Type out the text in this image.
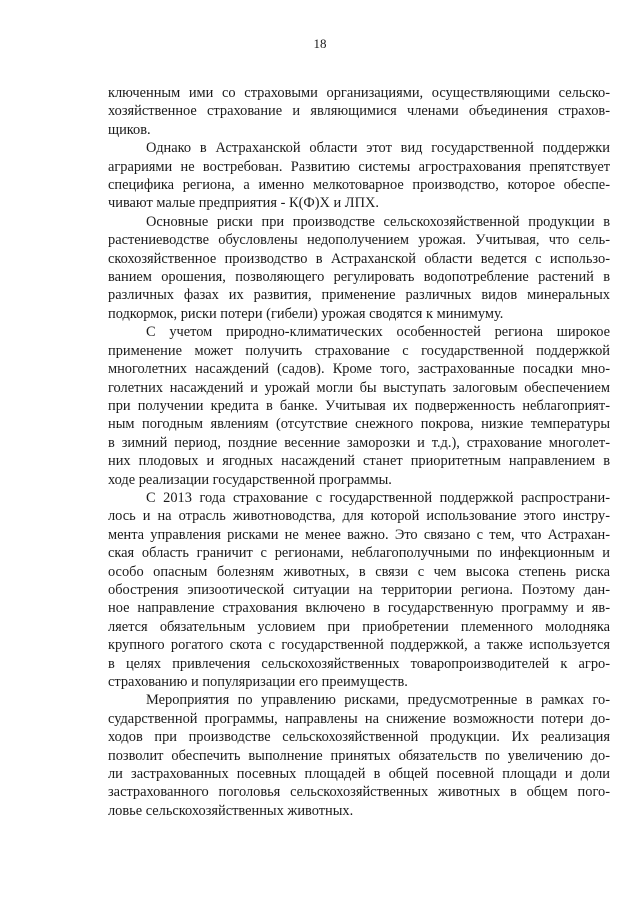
18

ключенным ими со страховыми организациями, осуществляющими сельско-
хозяйственное страхование и являющимися членами объединения страхов-
щиков.

Однако в Астраханской области этот вид государственной поддержки
аграриями не востребован. Развитию системы агрострахования препятствует
специфика региона, а именно мелкотоварное производство, которое обеспе-
чивают малые предприятия - К(Ф)Х и ЛПХ.

Основные риски при производстве сельскохозяйственной продукции в
растениеводстве обусловлены недополучением урожая. Учитывая, что сель-
скохозяйственное производство в Астраханской области ведется с использо-
ванием орошения, позволяющего регулировать водопотребление растений в
различных фазах их развития, применение различных видов минеральных
подкормок, риски потери (гибели) урожая сводятся к минимуму.

С учетом природно-климатических особенностей региона широкое
применение может получить страхование с государственной поддержкой
многолетних насаждений (садов). Кроме того, застрахованные посадки мно-
голетних насаждений и урожай могли бы выступать залоговым обеспечением
при получении кредита в банке. Учитывая их подверженность неблагоприят-
ным погодным явлениям (отсутствие снежного покрова, низкие температуры
в зимний период, поздние весенние заморозки и т.д.), страхование многолет-
них плодовых и ягодных насаждений станет приоритетным направлением в
ходе реализации государственной программы.

С 2013 года страхование с государственной поддержкой распространи-
лось и на отрасль животноводства, для которой использование этого инстру-
мента управления рисками не менее важно. Это связано с тем, что Астрахан-
ская область граничит с регионами, неблагополучными по инфекционным и
особо опасным болезням животных, в связи с чем высока степень риска
обострения эпизоотической ситуации на территории региона. Поэтому дан-
ное направление страхования включено в государственную программу и яв-
ляется обязательным условием при приобретении племенного молодняка
крупного рогатого скота с государственной поддержкой, а также используется
в целях привлечения сельскохозяйственных товаропроизводителей к агро-
страхованию и популяризации его преимуществ.

Мероприятия по управлению рисками, предусмотренные в рамках го-
сударственной программы, направлены на снижение возможности потери до-
ходов при производстве сельскохозяйственной продукции. Их реализация
позволит обеспечить выполнение принятых обязательств по увеличению до-
ли застрахованных посевных площадей в общей посевной площади и доли
застрахованного поголовья сельскохозяйственных животных в общем пого-
ловье сельскохозяйственных животных.
